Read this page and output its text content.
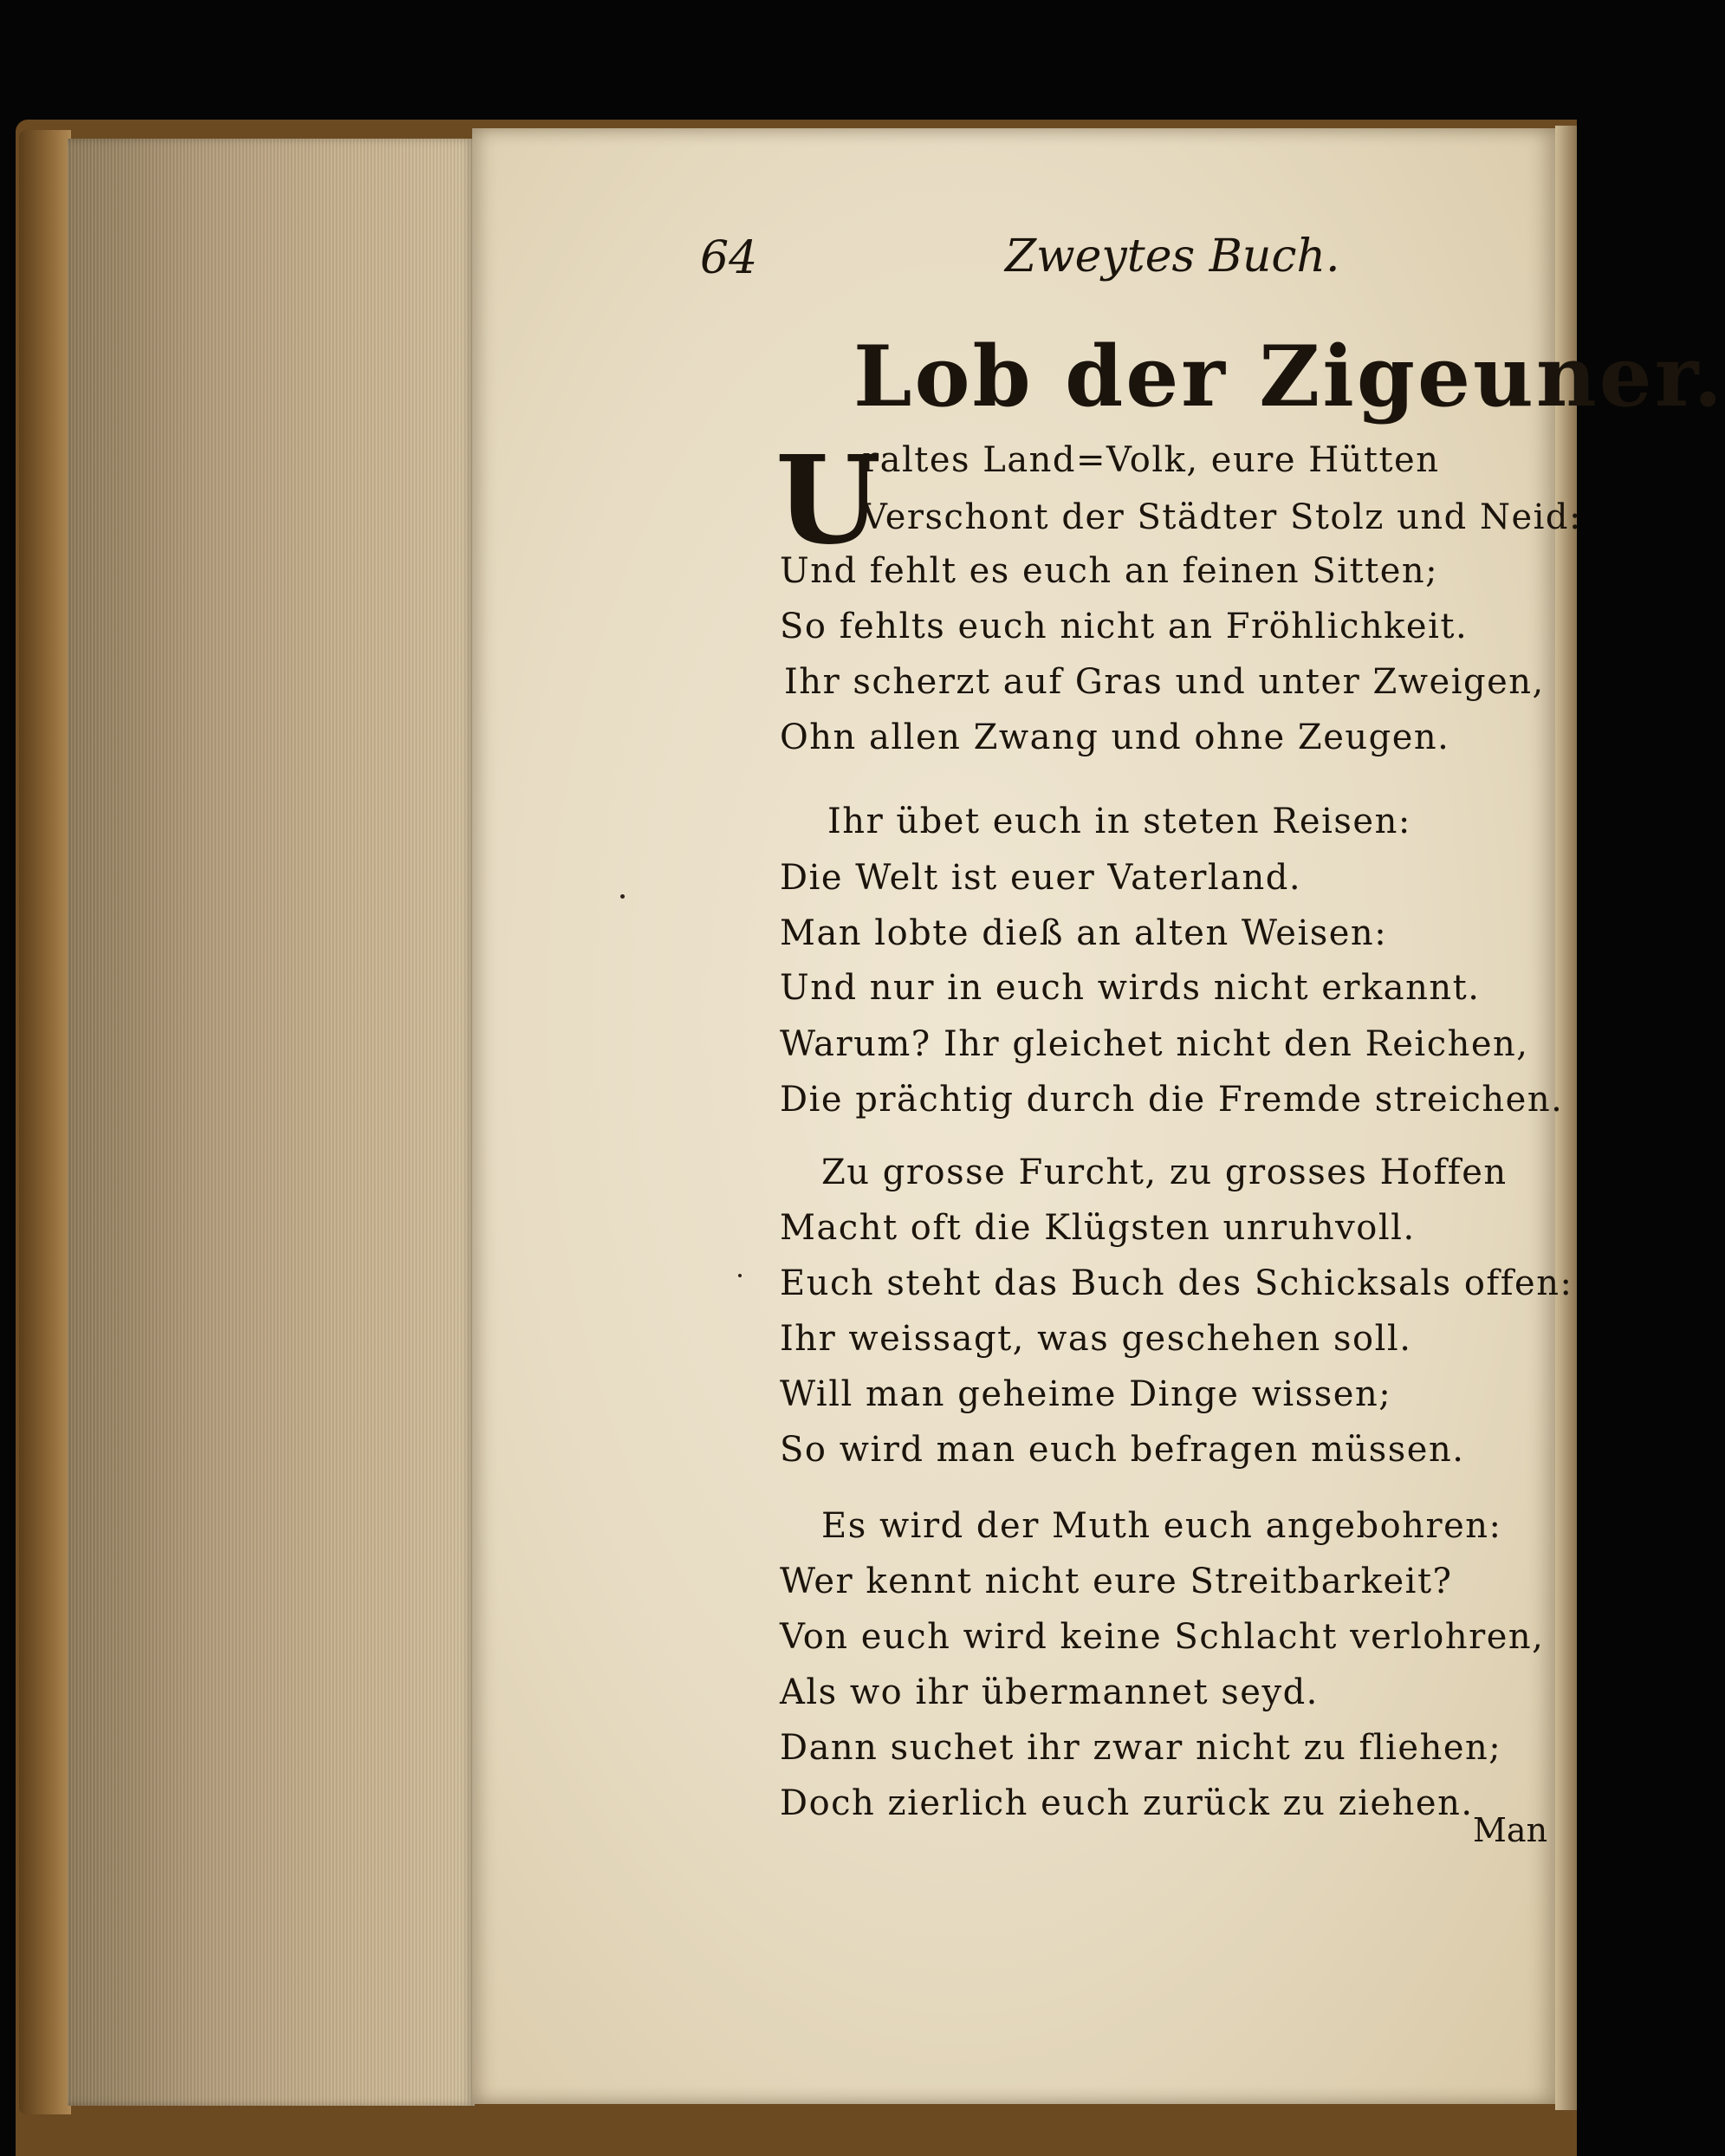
64	Zweytes Buch.
Lob der Zigeuner.
U
ralteѕ Land=Volk, eure Hütten
Verschont der Städter Stolz und Neid:
Und fehlt es euch an feinen Sitten;
So fehlts euch nicht an Fröhlichkeit.
Ihr scherzt auf Gras und unter Zweigen,
Ohn allen Zwang und ohne Zeugen.
Ihr übet euch in steten Reisen:
Die Welt ist euer Vaterland.
Man lobte dieß an alten Weisen:
Und nur in euch wirds nicht erkannt.
Warum? Ihr gleichet nicht den Reichen,
Die prächtig durch die Fremde streichen.
Zu grosse Furcht, zu grosses Hoffen
Macht oft die Klügsten unruhvoll.
Euch steht das Buch des Schicksals offen:
Ihr weissagt, was geschehen soll.
Will man geheime Dinge wissen;
So wird man euch befragen müssen.
Es wird der Muth euch angebohren:
Wer kennt nicht eure Streitbarkeit?
Von euch wird keine Schlacht verlohren,
Als wo ihr übermannet seyd.
Dann suchet ihr zwar nicht zu fliehen;
Doch zierlich euch zurück zu ziehen.
Man
